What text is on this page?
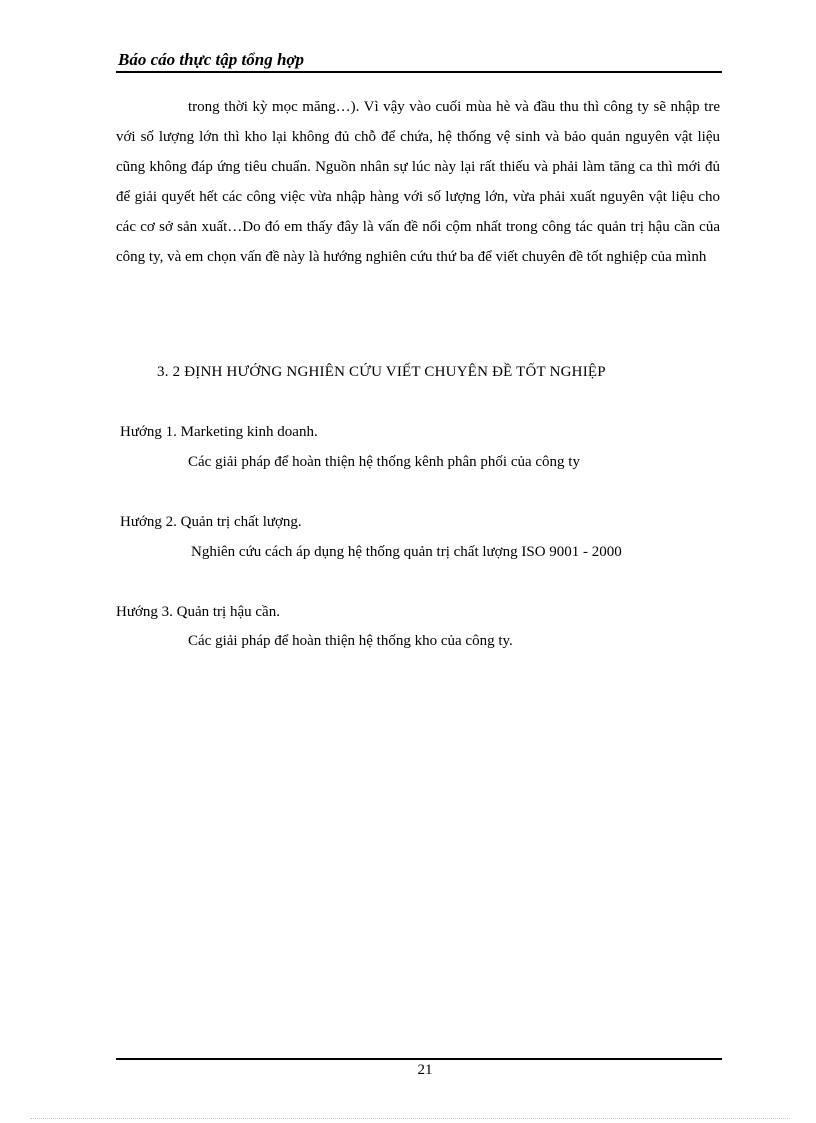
Báo cáo thực tập tổng hợp

trong thời kỳ mọc măng…). Vì vậy vào cuối mùa hè và đầu thu thì công ty sẽ nhập tre với số lượng lớn thì kho lại không đủ chỗ để chứa, hệ thống vệ sinh và bảo quản nguyên vật liệu cũng không đáp ứng tiêu chuẩn. Nguồn nhân sự lúc này lại rất thiếu và phải làm tăng ca thì mới đủ để giải quyết hết các công việc vừa nhập hàng với số lượng lớn, vừa phải xuất nguyên vật liệu cho các cơ sở sản xuất…Do đó em thấy đây là vấn đề nổi cộm nhất trong công tác quản trị hậu cần của công ty, và em chọn vấn đề này là hướng nghiên cứu thứ ba để viết chuyên đề tốt nghiệp của mình

3. 2 ĐỊNH HƯỚNG NGHIÊN CỨU VIẾT CHUYÊN ĐỀ TỐT NGHIỆP
Hướng 1. Marketing kinh doanh.
Các giải pháp để hoàn thiện hệ thống kênh phân phối của công ty
Hướng 2. Quản trị chất lượng.
Nghiên cứu cách áp dụng hệ thống quản trị chất lượng ISO 9001 - 2000
Hướng 3. Quản trị hậu cần.
Các giải pháp để hoàn thiện hệ thống kho của công ty.
21
